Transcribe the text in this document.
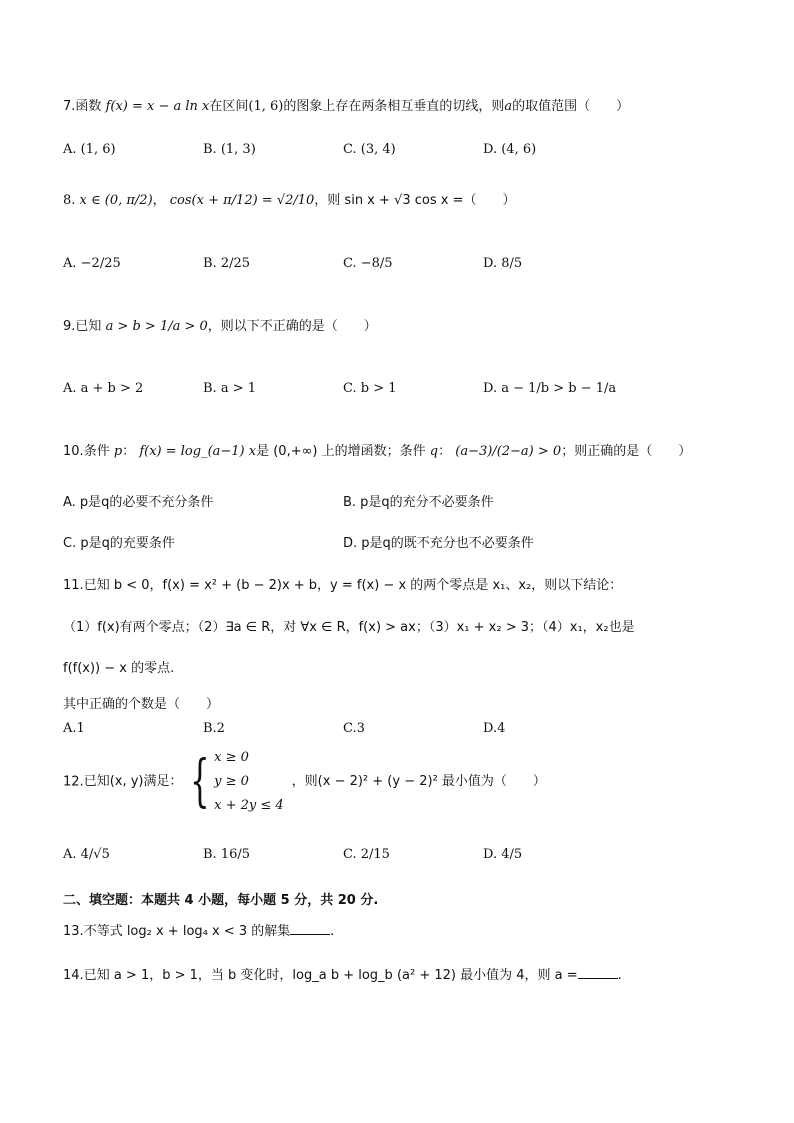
7.函数 f(x) = x − a ln x在区间(1, 6)的图象上存在两条相互垂直的切线，则a的取值范围（　　）
A. (1, 6)	B. (1, 3)	C. (3, 4)	D. (4, 6)
8. x ∈ (0, π/2)， cos(x + π/12) = √2/10，则 sin x + √3 cos x =（　　）
A. −2/25	B. 2/25	C. −8/5	D. 8/5
9.已知 a > b > 1/a > 0，则以下不正确的是（　　）
A. a + b > 2	B. a > 1	C. b > 1	D. a − 1/b > b − 1/a
10.条件 p： f(x) = log_(a−1) x是 (0,+∞) 上的增函数；条件 q： (a−3)/(2−a) > 0；则正确的是（　　）
A. p是q的必要不充分条件	B. p是q的充分不必要条件
C. p是q的充要条件	D. p是q的既不充分也不必要条件
11.已知 b < 0，f(x) = x² + (b − 2)x + b，y = f(x) − x 的两个零点是 x₁、x₂，则以下结论：
（1）f(x)有两个零点；（2）∃a ∈ R，对 ∀x ∈ R，f(x) > ax；（3）x₁ + x₂ > 3；（4）x₁，x₂也是
f(f(x)) − x 的零点.
其中正确的个数是（　　）
A.1	B.2	C.3	D.4
12.已知(x, y)满足： { x ≥ 0
y ≥ 0
x + 2y ≤ 4
，则(x − 2)² + (y − 2)² 最小值为（　　）
A. 4/√5	B. 16/5	C. 2/15	D. 4/5
二、填空题：本题共 4 小题，每小题 5 分，共 20 分.
13.不等式 log₂ x + log₄ x < 3 的解集	.
14.已知 a > 1，b > 1，当 b 变化时，log_a b + log_b (a² + 12) 最小值为 4，则 a =	.
